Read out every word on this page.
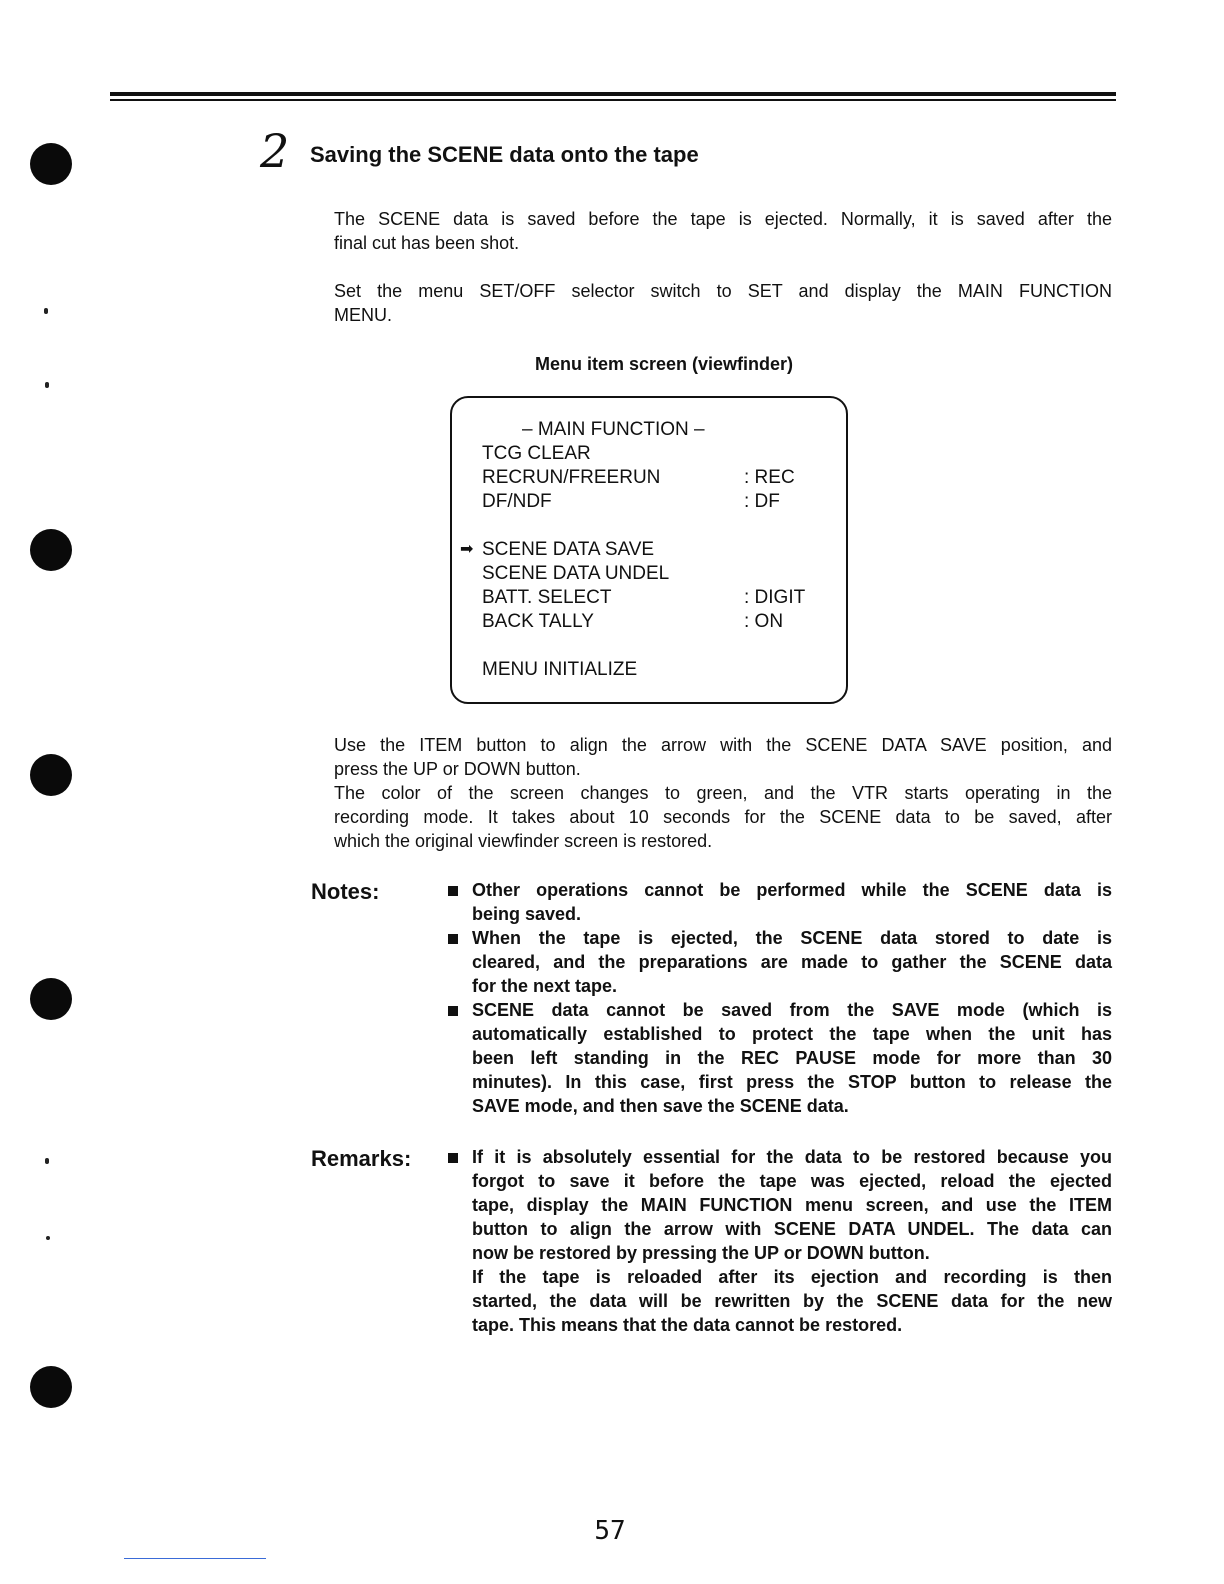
2 Saving the SCENE data onto the tape

The SCENE data is saved before the tape is ejected. Normally, it is saved after the
final cut has been shot.

Set the menu SET/OFF selector switch to SET and display the MAIN FUNCTION
MENU.

Menu item screen (viewfinder)
– MAIN FUNCTION –
TCG CLEAR
RECRUN/FREERUN	: REC
DF/NDF	: DF
➡ SCENE DATA SAVE
SCENE DATA UNDEL
BATT. SELECT	: DIGIT
BACK TALLY	: ON
MENU INITIALIZE

Use the ITEM button to align the arrow with the SCENE DATA SAVE position, and
press the UP or DOWN button.
The color of the screen changes to green, and the VTR starts operating in the
recording mode. It takes about 10 seconds for the SCENE data to be saved, after
which the original viewfinder screen is restored.

Notes:	Other operations cannot be performed while the SCENE data is
being saved.
When the tape is ejected, the SCENE data stored to date is
cleared, and the preparations are made to gather the SCENE data
for the next tape.
SCENE data cannot be saved from the SAVE mode (which is
automatically established to protect the tape when the unit has
been left standing in the REC PAUSE mode for more than 30
minutes). In this case, first press the STOP button to release the
SAVE mode, and then save the SCENE data.
Remarks:	If it is absolutely essential for the data to be restored because you
forgot to save it before the tape was ejected, reload the ejected
tape, display the MAIN FUNCTION menu screen, and use the ITEM
button to align the arrow with SCENE DATA UNDEL. The data can
now be restored by pressing the UP or DOWN button.
If the tape is reloaded after its ejection and recording is then
started, the data will be rewritten by the SCENE data for the new
tape. This means that the data cannot be restored.
57
